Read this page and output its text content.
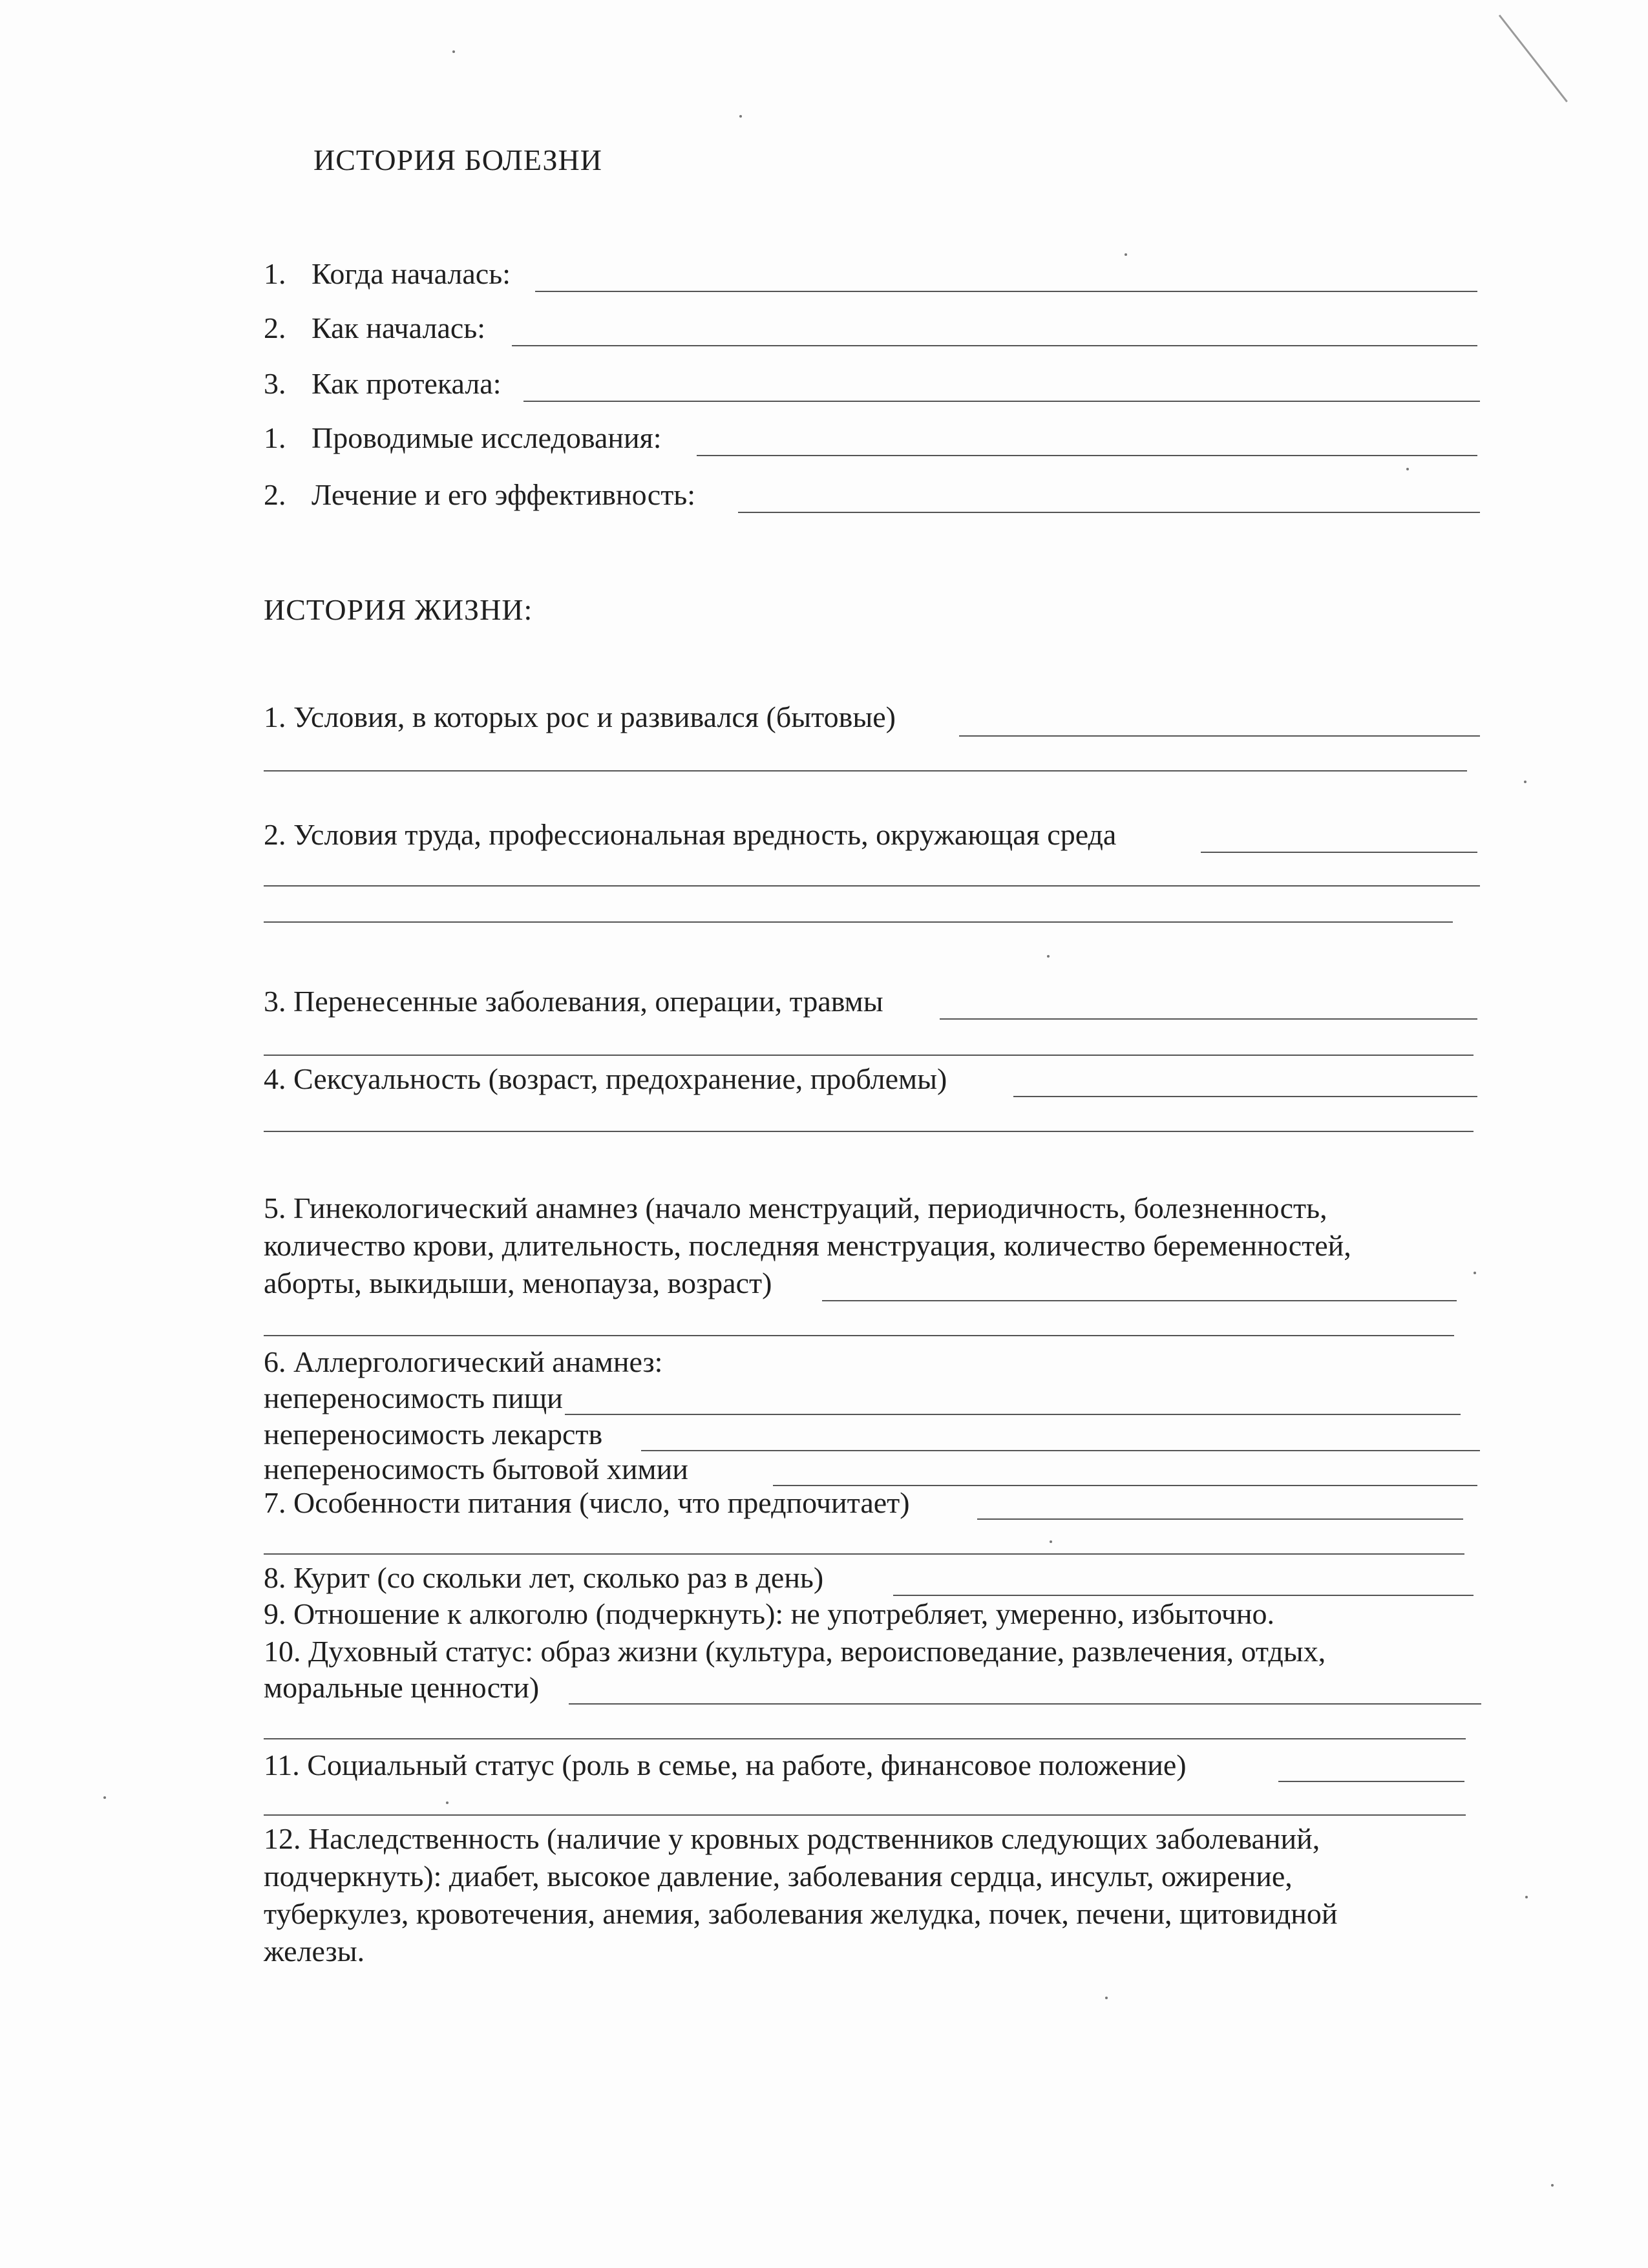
ИСТОРИЯ БОЛЕЗНИ
1. Когда началась:
2. Как началась:
3. Как протекала:
1. Проводимые исследования:
2. Лечение и его эффективность:
ИСТОРИЯ ЖИЗНИ:
1. Условия, в которых рос и развивался (бытовые)
2. Условия труда, профессиональная вредность, окружающая среда
3. Перенесенные заболевания, операции, травмы
4. Сексуальность (возраст, предохранение, проблемы)
5. Гинекологический анамнез (начало менструаций, периодичность, болезненность,
количество крови, длительность, последняя менструация, количество беременностей,
аборты, выкидыши, менопауза, возраст)
6. Аллергологический анамнез:
непереносимость пищи
непереносимость лекарств
непереносимость бытовой химии
7. Особенности питания (число, что предпочитает)
8. Курит (со скольки лет, сколько раз в день)
9. Отношение к алкоголю (подчеркнуть): не употребляет, умеренно, избыточно.
10. Духовный статус: образ жизни (культура, вероисповедание, развлечения, отдых,
моральные ценности)
11. Социальный статус (роль в семье, на работе, финансовое положение)
12. Наследственность (наличие у кровных родственников следующих заболеваний,
подчеркнуть): диабет, высокое давление, заболевания сердца, инсульт, ожирение,
туберкулез, кровотечения, анемия, заболевания желудка, почек, печени, щитовидной
железы.
